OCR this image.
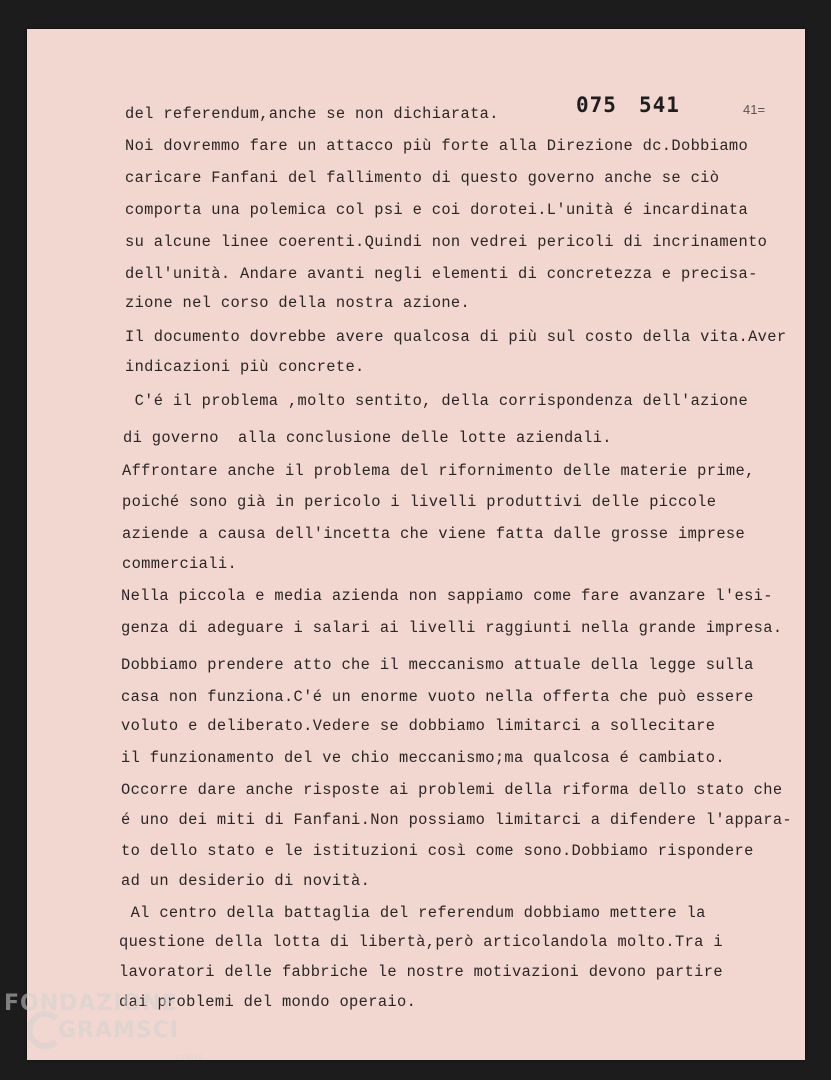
075 541	41=
del referendum,anche se non dichiarata.
Noi dovremmo fare un attacco più forte alla Direzione dc.Dobbiamo
caricare Fanfani del fallimento di questo governo anche se ciò
comporta una polemica col psi e coi dorotei.L'unità é incardinata
su alcune linee coerenti.Quindi non vedrei pericoli di incrinamento
dell'unità. Andare avanti negli elementi di concretezza e precisa-
zione nel corso della nostra azione.
Il documento dovrebbe avere qualcosa di più sul costo della vita.Aver
indicazioni più concrete.
C'é il problema ,molto sentito, della corrispondenza dell'azione
di governo  alla conclusione delle lotte aziendali.
Affrontare anche il problema del rifornimento delle materie prime,
poiché sono già in pericolo i livelli produttivi delle piccole
aziende a causa dell'incetta che viene fatta dalle grosse imprese
commerciali.
Nella piccola e media azienda non sappiamo come fare avanzare l'esi-
genza di adeguare i salari ai livelli raggiunti nella grande impresa.
Dobbiamo prendere atto che il meccanismo attuale della legge sulla
casa non funziona.C'é un enorme vuoto nella offerta che può essere
voluto e deliberato.Vedere se dobbiamo limitarci a sollecitare
il funzionamento del ve chio meccanismo;ma qualcosa é cambiato.
Occorre dare anche risposte ai problemi della riforma dello stato che
é uno dei miti di Fanfani.Non possiamo limitarci a difendere l'appara-
to dello stato e le istituzioni così come sono.Dobbiamo rispondere
ad un desiderio di novità.
Al centro della battaglia del referendum dobbiamo mettere la
questione della lotta di libertà,però articolandola molto.Tra i
lavoratori delle fabbriche le nostre motivazioni devono partire
dai problemi del mondo operaio.
FONDAZIONE
GRAMSCI
onlus
